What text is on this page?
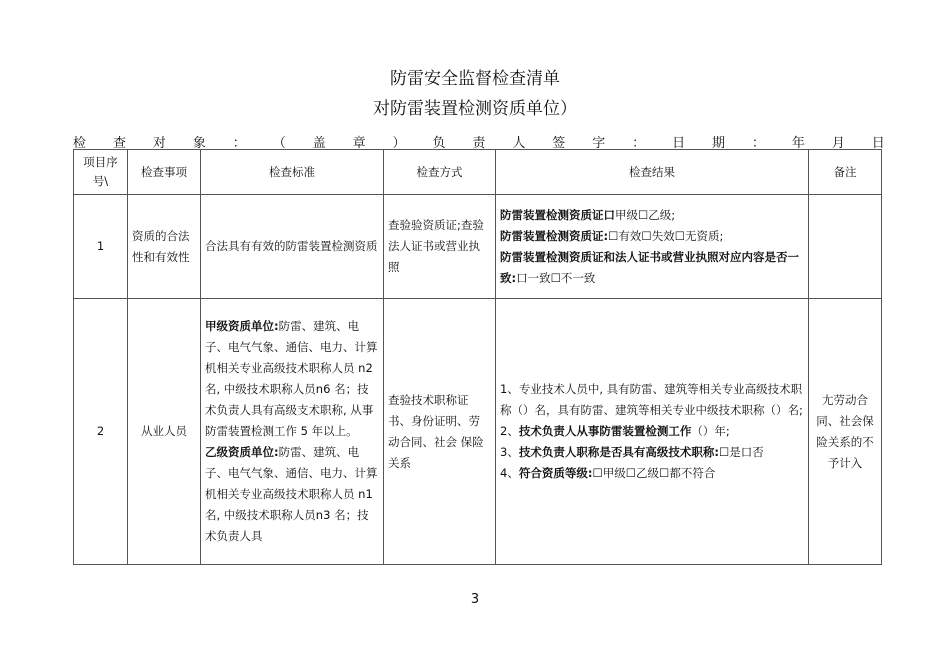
防雷安全监督检查清单
对防雷装置检测资质单位）
检 查 对 象 ： （ 盖 章 ） 负 责 人 签 字 ： 日 期 ： 年 月 日
项目序号\	检查事项	检查标准	检查方式	检查结果	备注
1	资质的合法性和有效性	合法具有有效的防雷装置检测资质	查验验资质证;查验法人证书或营业执照	防雷装置检测资质证口甲级☐乙级;
防雷装置检测资质证:☐有效☐失效☐无资质;
防雷装置检测资质证和法人证书或营业执照对应内容是否一致:口一致☐不一致	

2	从业人员	甲级资质单位:防雷、建筑、电子、电气气象、通信、电力、计算机相关专业高级技术职称人员 n2 名, 中级技术职称人员n6 名；技术负责人具有高级支术职称, 从事防雷装置检测工作 5 年以上。
乙级资质单位:防雷、建筑、电子、电气气象、通信、电力、计算机相关专业高级技术职称人员 n1 名, 中级技术职称人员n3 名；技术负责人具	查验技术职称证书、身份证明、劳动合同、社会 保险关系	1、专业技术人员中, 具有防雷、建筑等相关专业高级技术职称（）名，具有防雷、建筑等相关专业中级技术职称（）名;
2、技术负责人从事防雷装置检测工作（）年;
3、技术负责人职称是否具有高级技术职称:☐是口否
4、符合资质等级:☐甲级☐乙级☐都不符合	尢劳动合同、社会保险关系的不予计入
3
